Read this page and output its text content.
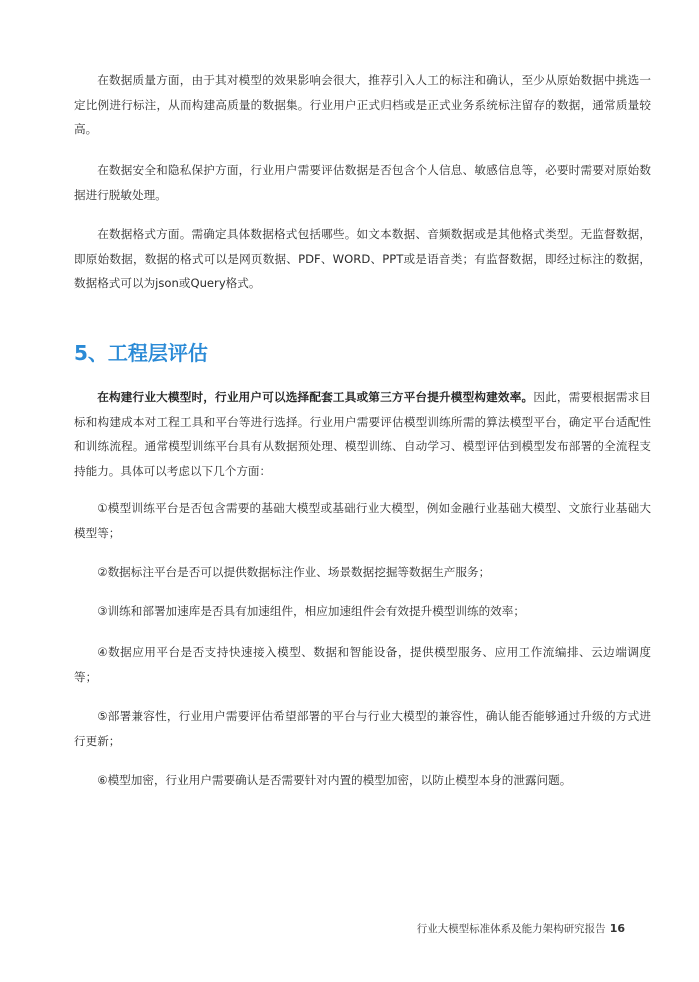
在数据质量方面，由于其对模型的效果影响会很大，推荐引入人工的标注和确认，至少从原始数据中挑选一定比例进行标注，从而构建高质量的数据集。行业用户正式归档或是正式业务系统标注留存的数据，通常质量较高。

在数据安全和隐私保护方面，行业用户需要评估数据是否包含个人信息、敏感信息等，必要时需要对原始数据进行脱敏处理。

在数据格式方面。需确定具体数据格式包括哪些。如文本数据、音频数据或是其他格式类型。无监督数据，即原始数据，数据的格式可以是网页数据、PDF、WORD、PPT或是语音类；有监督数据，即经过标注的数据，数据格式可以为json或Query格式。

5、工程层评估

在构建行业大模型时，行业用户可以选择配套工具或第三方平台提升模型构建效率。因此，需要根据需求目标和构建成本对工程工具和平台等进行选择。行业用户需要评估模型训练所需的算法模型平台，确定平台适配性和训练流程。通常模型训练平台具有从数据预处理、模型训练、自动学习、模型评估到模型发布部署的全流程支持能力。具体可以考虑以下几个方面：

①模型训练平台是否包含需要的基础大模型或基础行业大模型，例如金融行业基础大模型、文旅行业基础大模型等；

②数据标注平台是否可以提供数据标注作业、场景数据挖掘等数据生产服务；

③训练和部署加速库是否具有加速组件，相应加速组件会有效提升模型训练的效率；

④数据应用平台是否支持快速接入模型、数据和智能设备，提供模型服务、应用工作流编排、云边端调度等；

⑤部署兼容性，行业用户需要评估希望部署的平台与行业大模型的兼容性，确认能否能够通过升级的方式进行更新；

⑥模型加密，行业用户需要确认是否需要针对内置的模型加密，以防止模型本身的泄露问题。

行业大模型标准体系及能力架构研究报告 16
